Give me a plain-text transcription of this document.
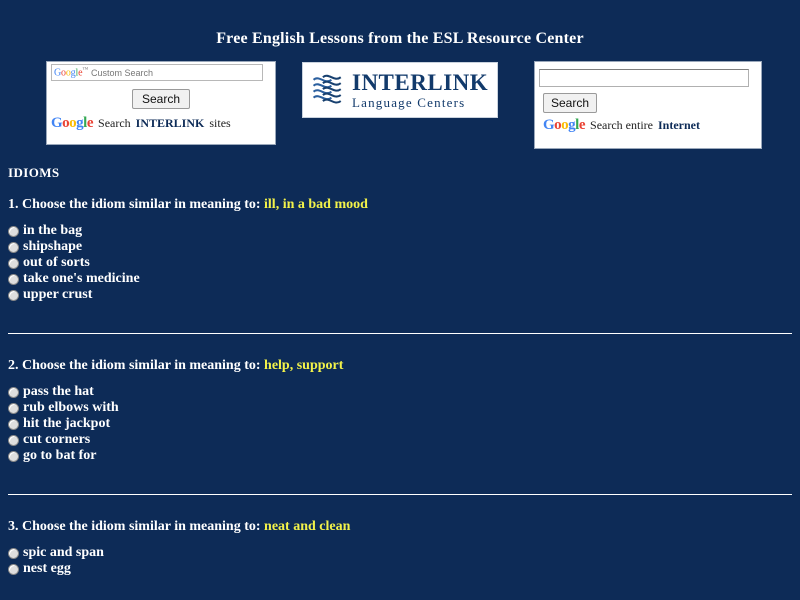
Free English Lessons from the ESL Resource Center
Google™ Custom Search
Search
Google Search INTERLINK sites
INTERLINK
Language Centers	Search
Google Search entire Internet
IDIOMS
1. Choose the idiom similar in meaning to: ill, in a bad mood
in the bag
shipshape
out of sorts
take one's medicine
upper crust
2. Choose the idiom similar in meaning to: help, support
pass the hat
rub elbows with
hit the jackpot
cut corners
go to bat for
3. Choose the idiom similar in meaning to: neat and clean
spic and span
nest egg
